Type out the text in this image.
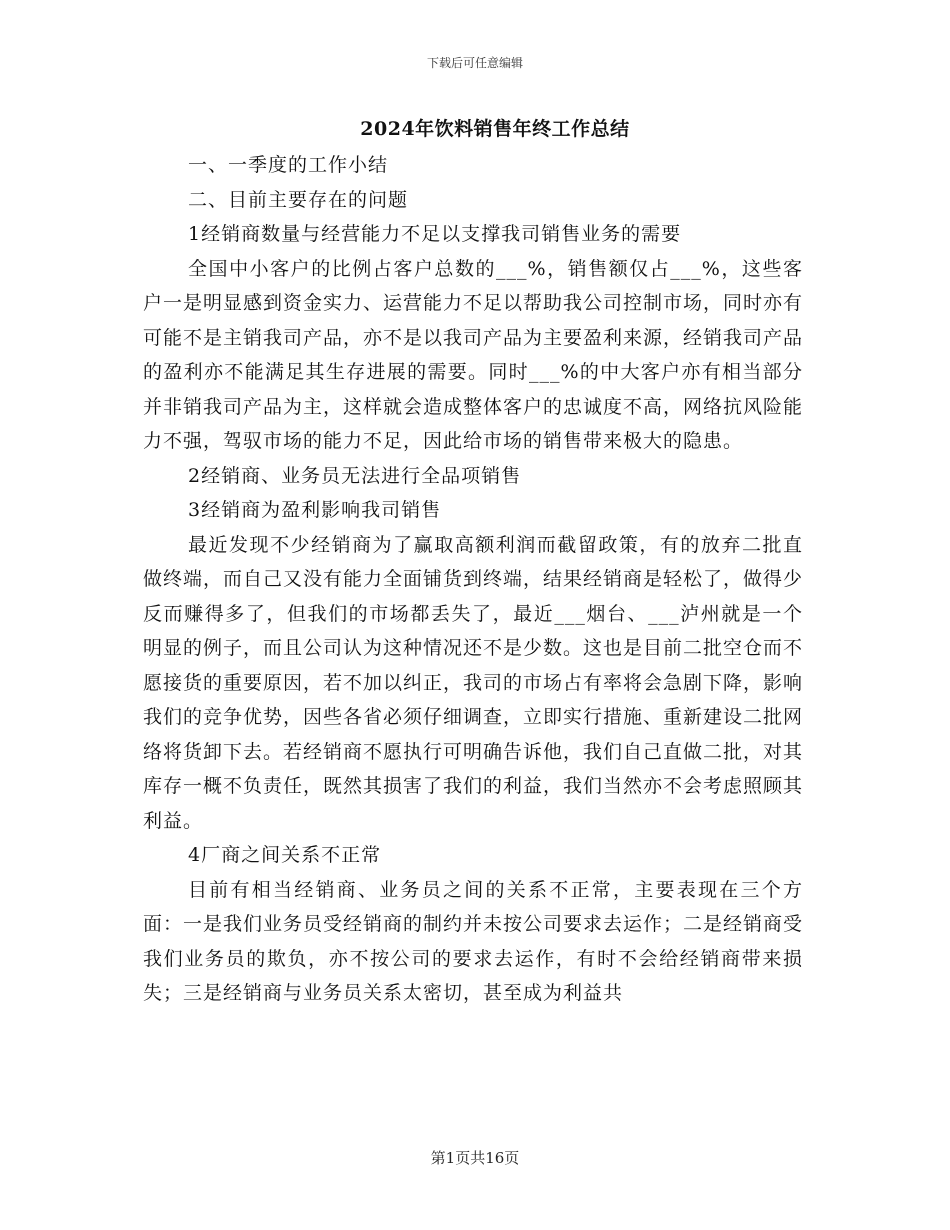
下载后可任意编辑
2024年饮料销售年终工作总结

一、一季度的工作小结

二、目前主要存在的问题

1经销商数量与经营能力不足以支撑我司销售业务的需要

全国中小客户的比例占客户总数的___%，销售额仅占___%，这些客户一是明显感到资金实力、运营能力不足以帮助我公司控制市场，同时亦有可能不是主销我司产品，亦不是以我司产品为主要盈利来源，经销我司产品的盈利亦不能满足其生存进展的需要。同时___%的中大客户亦有相当部分并非销我司产品为主，这样就会造成整体客户的忠诚度不高，网络抗风险能力不强，驾驭市场的能力不足，因此给市场的销售带来极大的隐患。

2经销商、业务员无法进行全品项销售

3经销商为盈利影响我司销售

最近发现不少经销商为了赢取高额利润而截留政策，有的放弃二批直做终端，而自己又没有能力全面铺货到终端，结果经销商是轻松了，做得少反而赚得多了，但我们的市场都丢失了，最近___烟台、___泸州就是一个明显的例子，而且公司认为这种情况还不是少数。这也是目前二批空仓而不愿接货的重要原因，若不加以纠正，我司的市场占有率将会急剧下降，影响我们的竞争优势，因些各省必须仔细调查，立即实行措施、重新建设二批网络将货卸下去。若经销商不愿执行可明确告诉他，我们自己直做二批，对其库存一概不负责任，既然其损害了我们的利益，我们当然亦不会考虑照顾其利益。

4厂商之间关系不正常

目前有相当经销商、业务员之间的关系不正常，主要表现在三个方面：一是我们业务员受经销商的制约并未按公司要求去运作；二是经销商受我们业务员的欺负，亦不按公司的要求去运作，有时不会给经销商带来损失；三是经销商与业务员关系太密切，甚至成为利益共

第1页共16页
